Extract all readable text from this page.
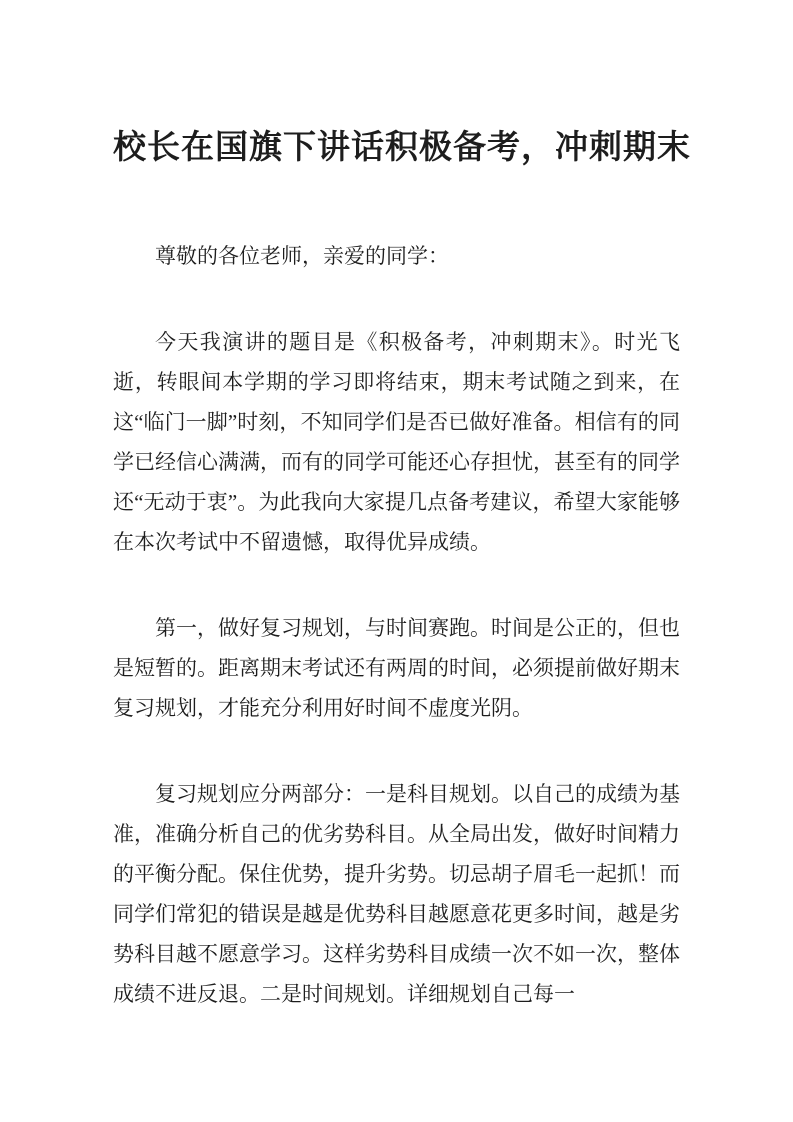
校长在国旗下讲话积极备考，冲刺期末

尊敬的各位老师，亲爱的同学：

今天我演讲的题目是《积极备考，冲刺期末》。时光飞逝，转眼间本学期的学习即将结束，期末考试随之到来，在这“临门一脚”时刻，不知同学们是否已做好准备。相信有的同学已经信心满满，而有的同学可能还心存担忧，甚至有的同学还“无动于衷”。为此我向大家提几点备考建议，希望大家能够在本次考试中不留遗憾，取得优异成绩。

第一，做好复习规划，与时间赛跑。时间是公正的，但也是短暂的。距离期末考试还有两周的时间，必须提前做好期末复习规划，才能充分利用好时间不虚度光阴。

复习规划应分两部分：一是科目规划。以自己的成绩为基准，准确分析自己的优劣势科目。从全局出发，做好时间精力的平衡分配。保住优势，提升劣势。切忌胡子眉毛一起抓！而同学们常犯的错误是越是优势科目越愿意花更多时间，越是劣势科目越不愿意学习。这样劣势科目成绩一次不如一次，整体成绩不进反退。二是时间规划。详细规划自己每一
